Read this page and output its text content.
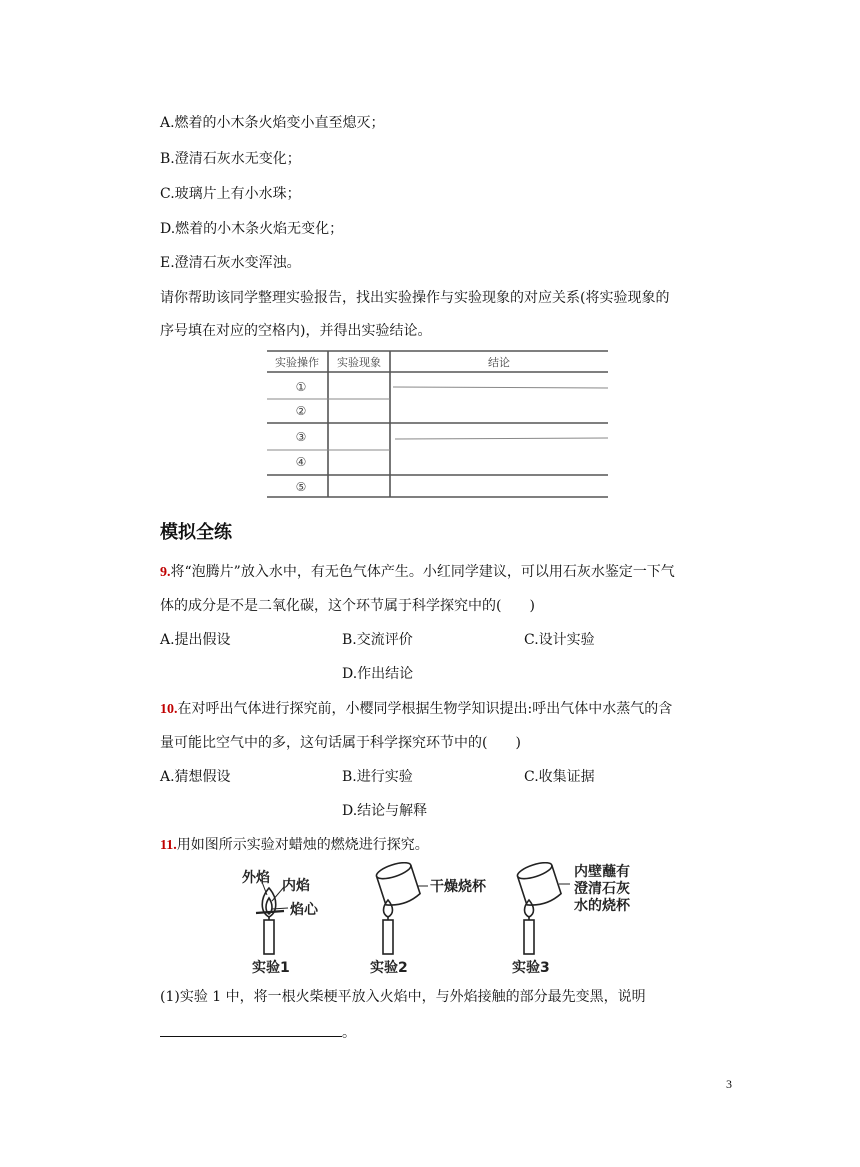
A.燃着的小木条火焰变小直至熄灭；
B.澄清石灰水无变化；
C.玻璃片上有小水珠；
D.燃着的小木条火焰无变化；
E.澄清石灰水变浑浊。
请你帮助该同学整理实验报告，找出实验操作与实验现象的对应关系(将实验现象的
序号填在对应的空格内)，并得出实验结论。
实验操作 实验现象	结论
①
②
③
④
⑤
模拟全练
9.将“泡腾片”放入水中，有无色气体产生。小红同学建议，可以用石灰水鉴定一下气
体的成分是不是二氧化碳，这个环节属于科学探究中的(　　)
A.提出假设	B.交流评价	C.设计实验
D.作出结论
10.在对呼出气体进行探究前，小樱同学根据生物学知识提出:呼出气体中水蒸气的含
量可能比空气中的多，这句话属于科学探究环节中的(　　)
A.猜想假设	B.进行实验	C.收集证据
D.结论与解释
11.用如图所示实验对蜡烛的燃烧进行探究。
外焰 内焰
焰心
实验1
干燥烧杯
实验2
内壁蘸有
澄清石灰
水的烧杯
实验3
(1)实验 1 中，将一根火柴梗平放入火焰中，与外焰接触的部分最先变黑，说明
。
3
